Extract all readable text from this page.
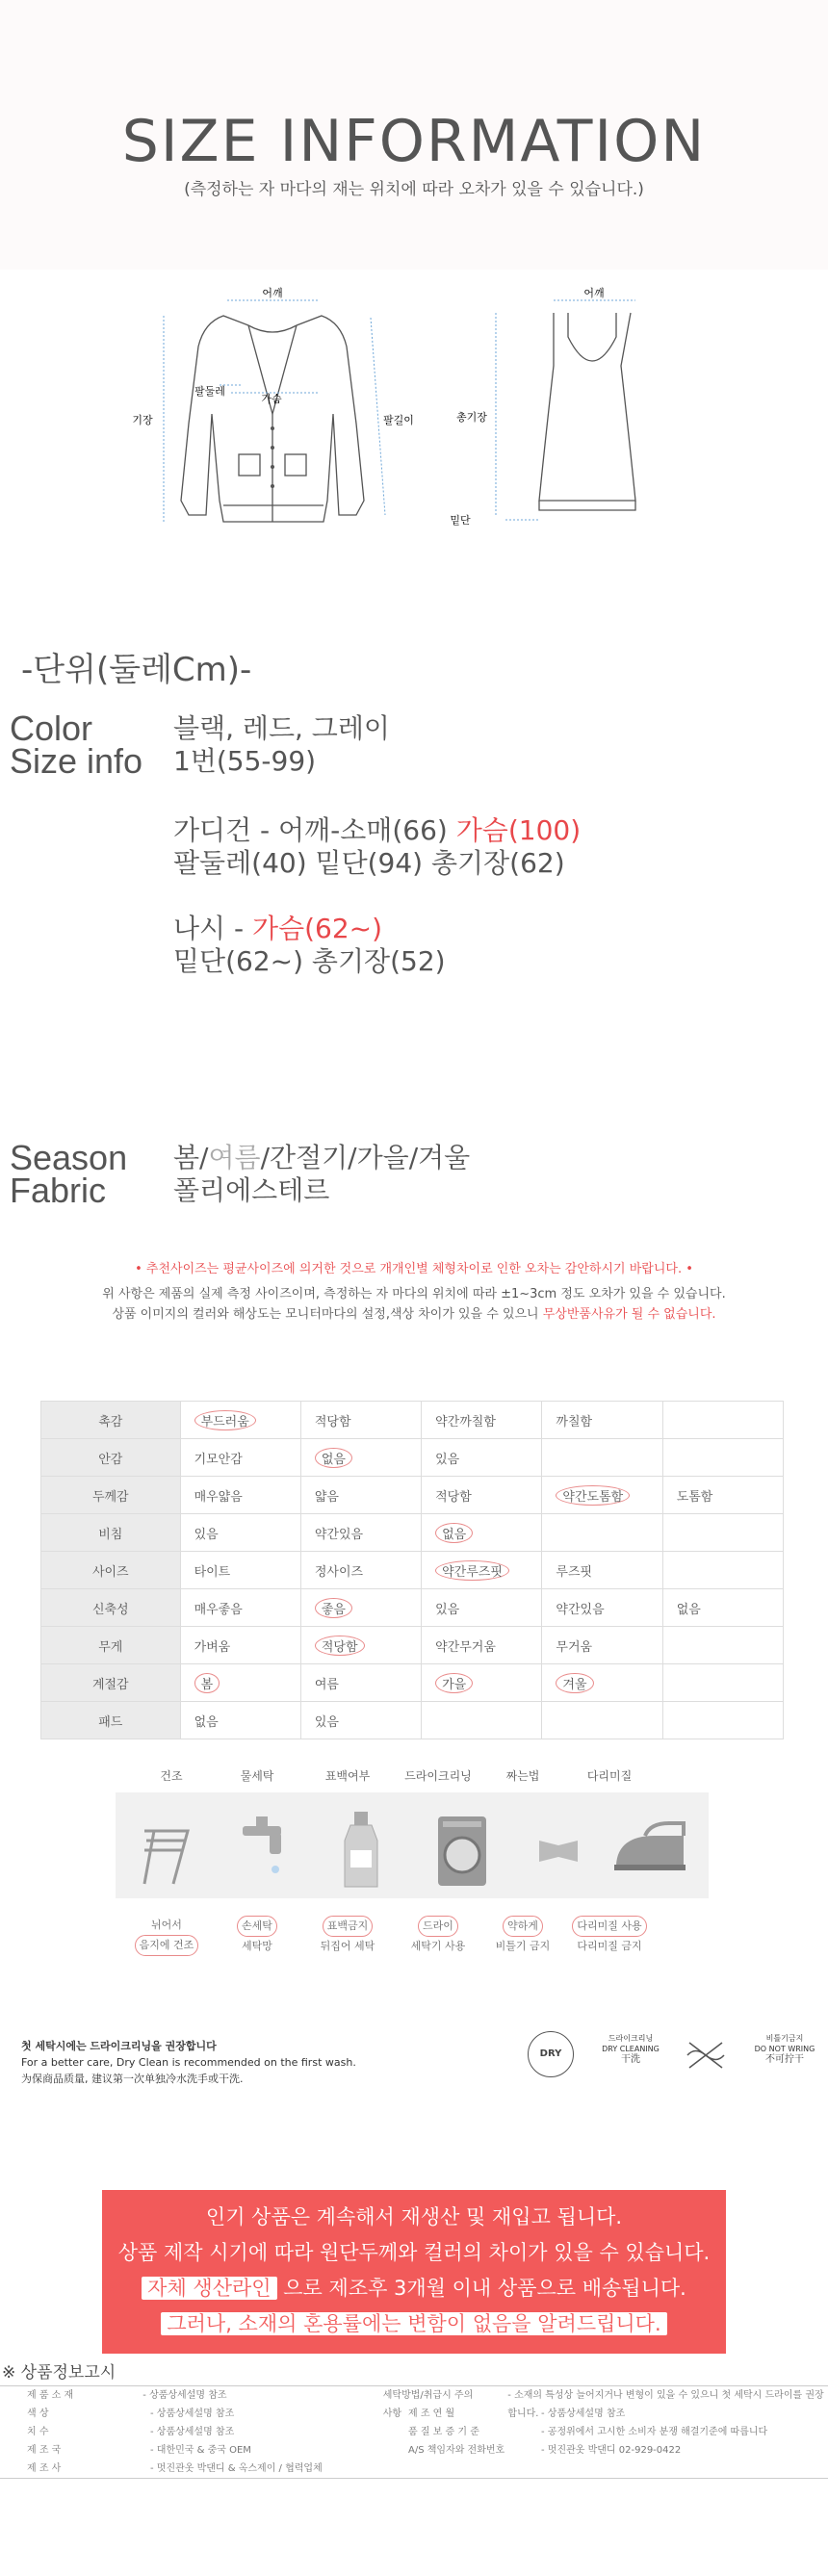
SIZE INFORMATION
(측정하는 자 마다의 재는 위치에 따라 오차가 있을 수 있습니다.)
어깨
기장
팔둘레
가슴
팔길이
어깨
총기장
밑단
-단위(둘레Cm)-
Color	블랙, 레드, 그레이
Size info 1번(55-99)
가디건 - 어깨-소매(66) 가슴(100)
팔둘레(40) 밑단(94) 총기장(62)
나시 - 가슴(62~)
밑단(62~) 총기장(52)
Season 봄/여름/간절기/가을/겨울
Fabric 폴리에스테르
• 추천사이즈는 평균사이즈에 의거한 것으로 개개인별 체형차이로 인한 오차는 감안하시기 바랍니다. •
위 사항은 제품의 실제 측정 사이즈이며, 측정하는 자 마다의 위치에 따라 ±1~3cm 정도 오차가 있을 수 있습니다.
상품 이미지의 컬러와 해상도는 모니터마다의 설정,색상 차이가 있을 수 있으니 무상반품사유가 될 수 없습니다.
촉감	부드러움	적당함	약간까칠함	까칠함	
안감	기모안감	없음	있음		
두께감	매우얇음	얇음	적당함	약간도톰함	도톰함
비침	있음	약간있음	없음		
사이즈	타이트	정사이즈	약간루즈핏	루즈핏	
신축성	매우좋음	좋음	있음	약간있음	없음
무게	가벼움	적당함	약간무거움	무거움	
계절감	봄	여름	가을	겨울	
패드	없음	있음			
건조	물세탁	표백여부	드라이크리닝	짜는법	다리미질
뉘어서
음지에 건조
손세탁
세탁망
표백금지
뒤집어 세탁
드라이
세탁기 사용
약하게
비틀기 금지
다리미질 사용
다리미질 금지
첫 세탁시에는 드라이크리닝을 권장합니다
For a better care, Dry Clean is recommended on the first wash.
为保商品质量, 建议第一次单独冷水洗手或干洗.
DRY
드라이크리닝
DRY CLEANING
干洗
비틀기금지
DO NOT WRING
不可拧干

인기 상품은 계속해서 재생산 및 재입고 됩니다.

상품 제작 시기에 따라 원단두께와 컬러의 차이가 있을 수 있습니다.

자체 생산라인 으로 제조후 3개월 이내 상품으로 배송됩니다.

그러나, 소재의 혼용률에는 변함이 없음을 알려드립니다.

※ 상품정보고시
제 품 소 재	- 상품상세설명 참조	세탁방법/취급시 주의사항
- 소재의 특성상 늘어지거나 변형이 있을 수 있으니 첫 세탁시 드라이를 권장합니다.
색 상	- 상품상세설명 참조	제 조 연 월	- 상품상세설명 참조
치 수	- 상품상세설명 참조	품 질 보 증 기 준	- 공정위에서 고시한 소비자 분쟁 해결기준에 따릅니다
제 조 국	- 대한민국 & 중국 OEM	A/S 책임자와 전화번호	- 멋진관옷 박댄디 02-929-0422
제 조 사	- 멋진관옷 박댄디 & 옥스제이 / 협력업체
